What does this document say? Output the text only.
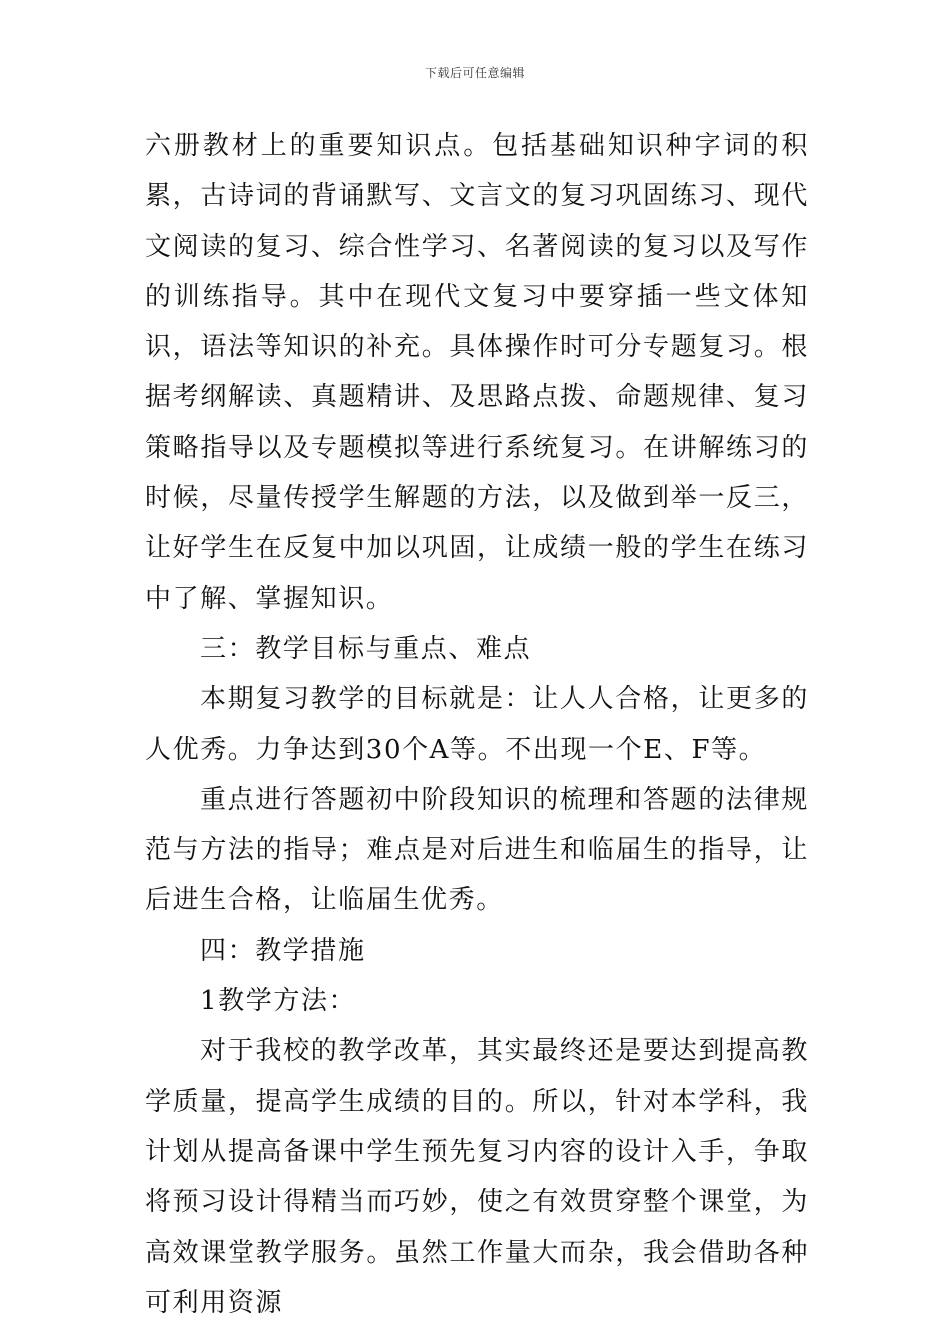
下载后可任意编辑

六册教材上的重要知识点。包括基础知识种字词的积累，古诗词的背诵默写、文言文的复习巩固练习、现代文阅读的复习、综合性学习、名著阅读的复习以及写作的训练指导。其中在现代文复习中要穿插一些文体知识，语法等知识的补充。具体操作时可分专题复习。根据考纲解读、真题精讲、及思路点拨、命题规律、复习策略指导以及专题模拟等进行系统复习。在讲解练习的时候，尽量传授学生解题的方法，以及做到举一反三，让好学生在反复中加以巩固，让成绩一般的学生在练习中了解、掌握知识。

三：教学目标与重点、难点

本期复习教学的目标就是：让人人合格，让更多的人优秀。力争达到30个A等。不出现一个E、F等。

重点进行答题初中阶段知识的梳理和答题的法律规范与方法的指导；难点是对后进生和临届生的指导，让后进生合格，让临届生优秀。

四：教学措施

1教学方法：

对于我校的教学改革，其实最终还是要达到提高教学质量，提高学生成绩的目的。所以，针对本学科，我计划从提高备课中学生预先复习内容的设计入手，争取将预习设计得精当而巧妙，使之有效贯穿整个课堂，为高效课堂教学服务。虽然工作量大而杂，我会借助各种可利用资源
